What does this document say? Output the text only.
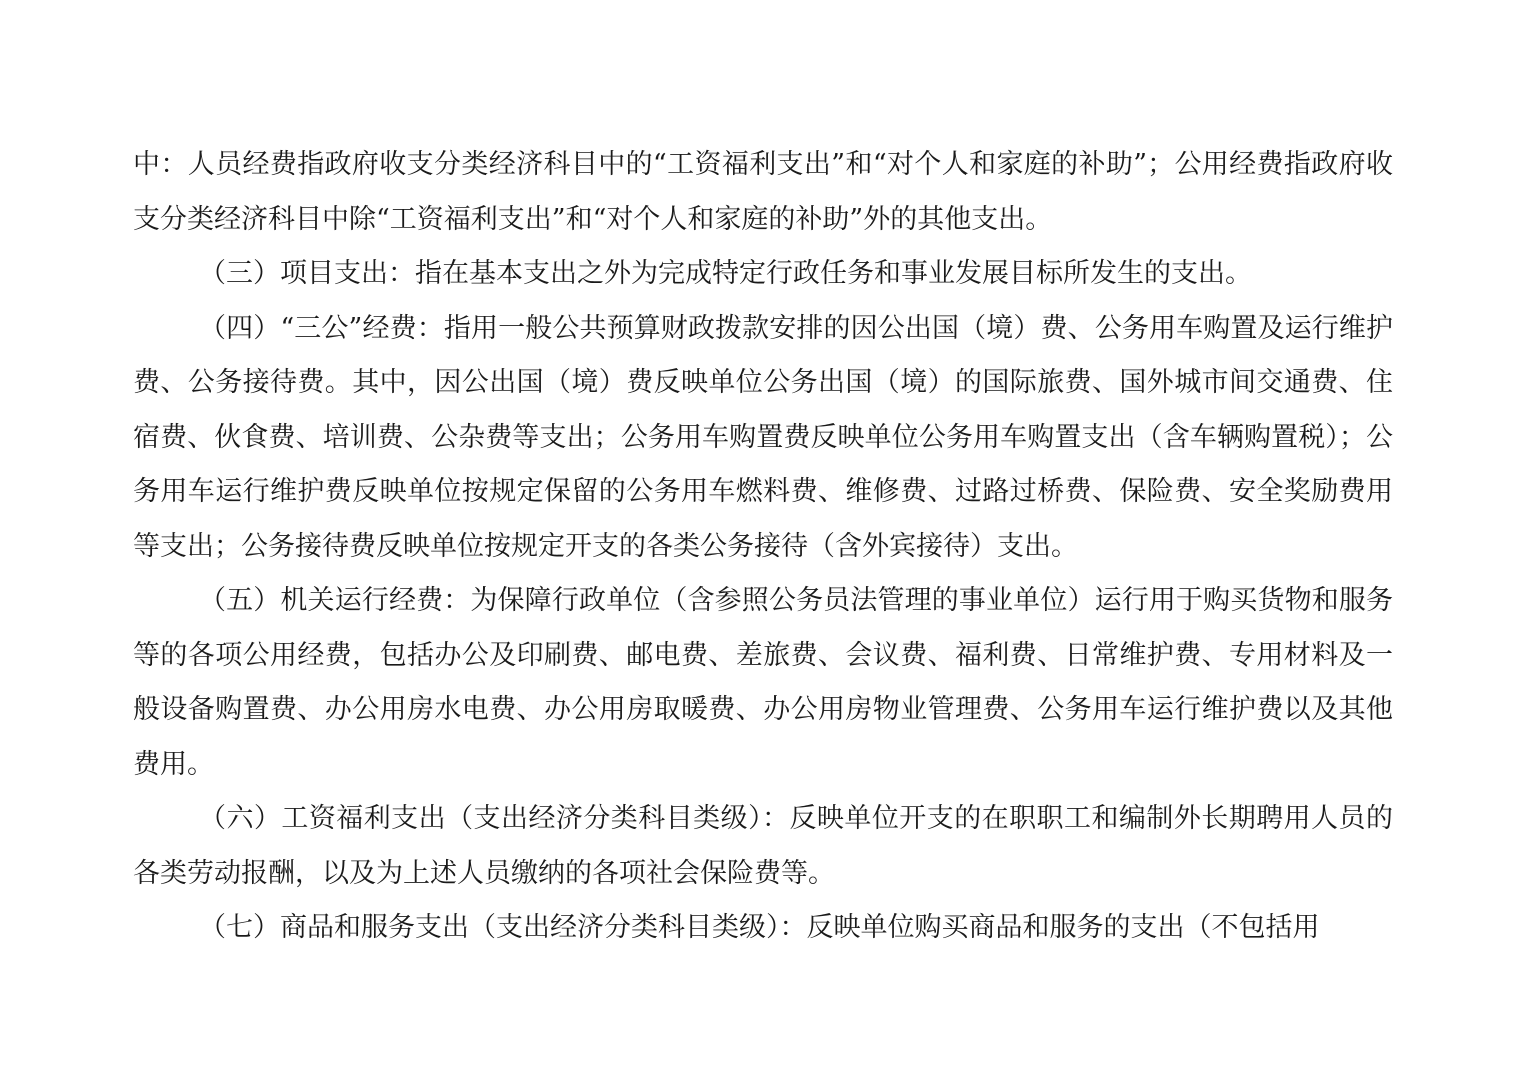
中：人员经费指政府收支分类经济科目中的“工资福利支出”和“对个人和家庭的补助”；公用经费指政府收支分类经济科目中除“工资福利支出”和“对个人和家庭的补助”外的其他支出。

（三）项目支出：指在基本支出之外为完成特定行政任务和事业发展目标所发生的支出。

（四）“三公”经费：指用一般公共预算财政拨款安排的因公出国（境）费、公务用车购置及运行维护费、公务接待费。其中，因公出国（境）费反映单位公务出国（境）的国际旅费、国外城市间交通费、住宿费、伙食费、培训费、公杂费等支出；公务用车购置费反映单位公务用车购置支出（含车辆购置税）；公务用车运行维护费反映单位按规定保留的公务用车燃料费、维修费、过路过桥费、保险费、安全奖励费用等支出；公务接待费反映单位按规定开支的各类公务接待（含外宾接待）支出。

（五）机关运行经费：为保障行政单位（含参照公务员法管理的事业单位）运行用于购买货物和服务等的各项公用经费，包括办公及印刷费、邮电费、差旅费、会议费、福利费、日常维护费、专用材料及一般设备购置费、办公用房水电费、办公用房取暖费、办公用房物业管理费、公务用车运行维护费以及其他费用。

（六）工资福利支出（支出经济分类科目类级）：反映单位开支的在职职工和编制外长期聘用人员的各类劳动报酬，以及为上述人员缴纳的各项社会保险费等。

（七）商品和服务支出（支出经济分类科目类级）：反映单位购买商品和服务的支出（不包括用
